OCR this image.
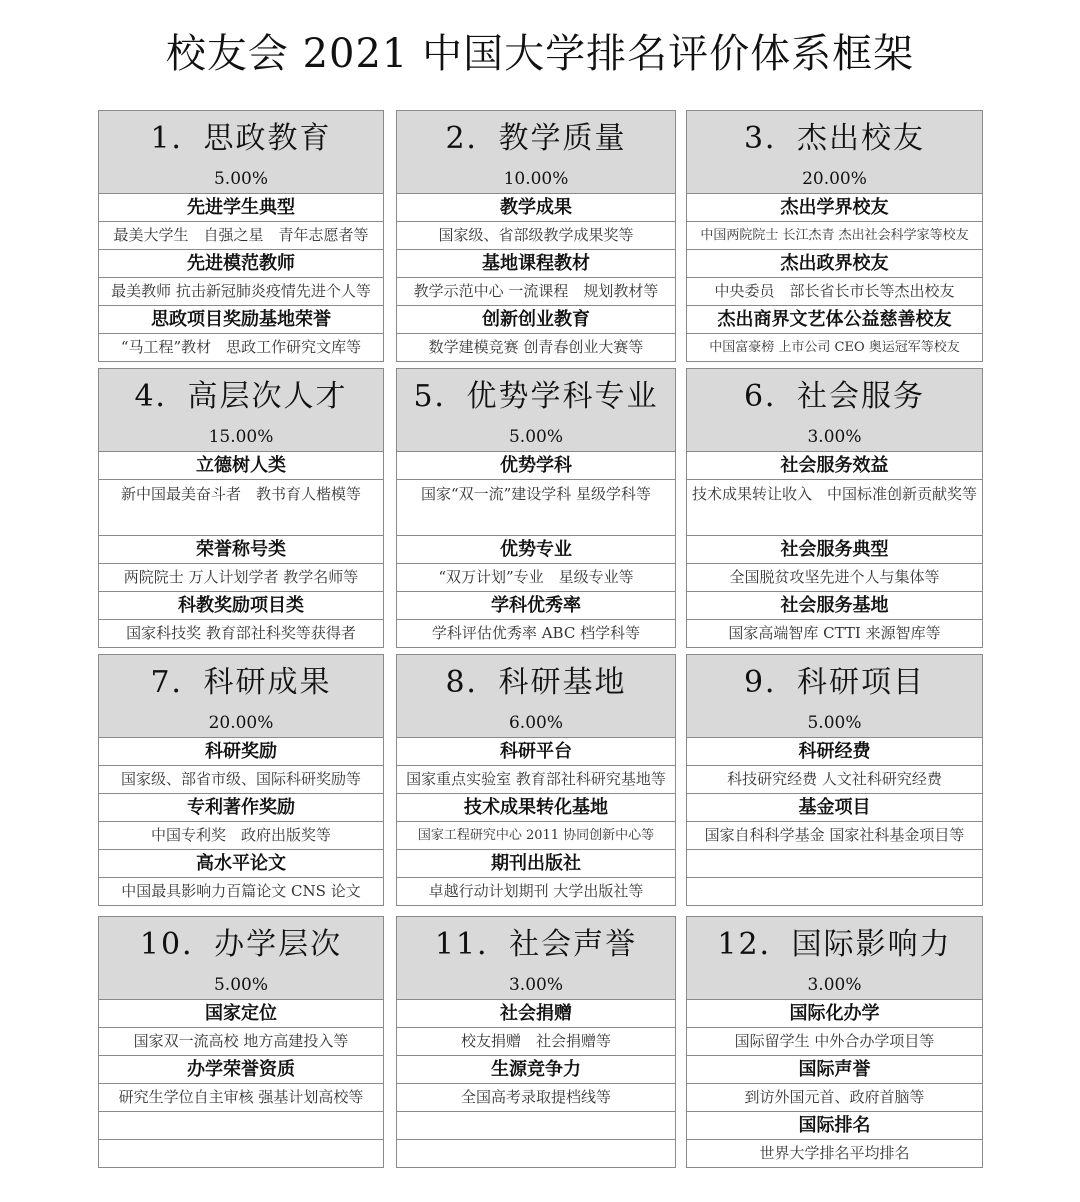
校友会 2021 中国大学排名评价体系框架
1．思政教育
5.00%
先进学生典型
最美大学生　自强之星　青年志愿者等
先进模范教师
最美教师 抗击新冠肺炎疫情先进个人等
思政项目奖励基地荣誉
“马工程”教材　思政工作研究文库等
4．高层次人才
15.00%
立德树人类
新中国最美奋斗者　教书育人楷模等
荣誉称号类
两院院士 万人计划学者 教学名师等
科教奖励项目类
国家科技奖 教育部社科奖等获得者
7．科研成果
20.00%
科研奖励
国家级、部省市级、国际科研奖励等
专利著作奖励
中国专利奖　政府出版奖等
高水平论文
中国最具影响力百篇论文 CNS 论文
10．办学层次
5.00%
国家定位
国家双一流高校 地方高建投入等
办学荣誉资质
研究生学位自主审核 强基计划高校等
2．教学质量
10.00%
教学成果
国家级、省部级教学成果奖等
基地课程教材
教学示范中心 一流课程　规划教材等
创新创业教育
数学建模竞赛 创青春创业大赛等
5．优势学科专业
5.00%
优势学科
国家“双一流”建设学科 星级学科等
优势专业
“双万计划”专业　星级专业等
学科优秀率
学科评估优秀率 ABC 档学科等
8．科研基地
6.00%
科研平台
国家重点实验室 教育部社科研究基地等
技术成果转化基地
国家工程研究中心 2011 协同创新中心等
期刊出版社
卓越行动计划期刊 大学出版社等
11．社会声誉
3.00%
社会捐赠
校友捐赠　社会捐赠等
生源竞争力
全国高考录取提档线等
3．杰出校友
20.00%
杰出学界校友
中国两院院士 长江杰青 杰出社会科学家等校友
杰出政界校友
中央委员　部长省长市长等杰出校友
杰出商界文艺体公益慈善校友
中国富豪榜 上市公司 CEO 奥运冠军等校友
6．社会服务
3.00%
社会服务效益
技术成果转让收入　中国标准创新贡献奖等
社会服务典型
全国脱贫攻坚先进个人与集体等
社会服务基地
国家高端智库 CTTI 来源智库等
9．科研项目
5.00%
科研经费
科技研究经费 人文社科研究经费
基金项目
国家自科科学基金 国家社科基金项目等
12．国际影响力
3.00%
国际化办学
国际留学生 中外合办学项目等
国际声誉
到访外国元首、政府首脑等
国际排名
世界大学排名平均排名
